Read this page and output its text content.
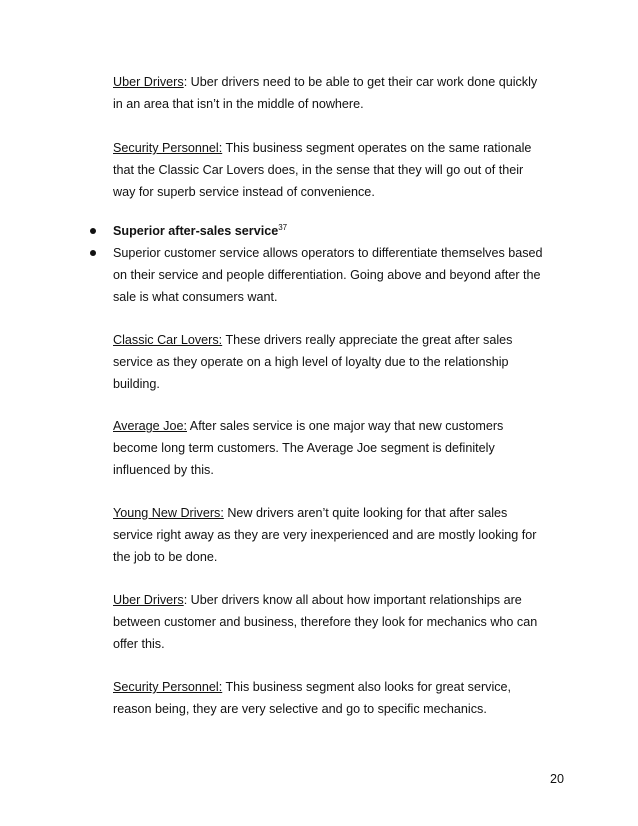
Uber Drivers: Uber drivers need to be able to get their car work done quickly

in an area that isn’t in the middle of nowhere.

Security Personnel: This business segment operates on the same rationale

that the Classic Car Lovers does, in the sense that they will go out of their

way for superb service instead of convenience.

Superior after-sales service$^{37}$

Superior customer service allows operators to differentiate themselves based

on their service and people differentiation. Going above and beyond after the

sale is what consumers want.

Classic Car Lovers: These drivers really appreciate the great after sales

service as they operate on a high level of loyalty due to the relationship

building.

Average Joe: After sales service is one major way that new customers

become long term customers. The Average Joe segment is definitely

influenced by this.

Young New Drivers: New drivers aren’t quite looking for that after sales

service right away as they are very inexperienced and are mostly looking for

the job to be done.

Uber Drivers: Uber drivers know all about how important relationships are

between customer and business, therefore they look for mechanics who can

offer this.

Security Personnel: This business segment also looks for great service,

reason being, they are very selective and go to specific mechanics.

20
